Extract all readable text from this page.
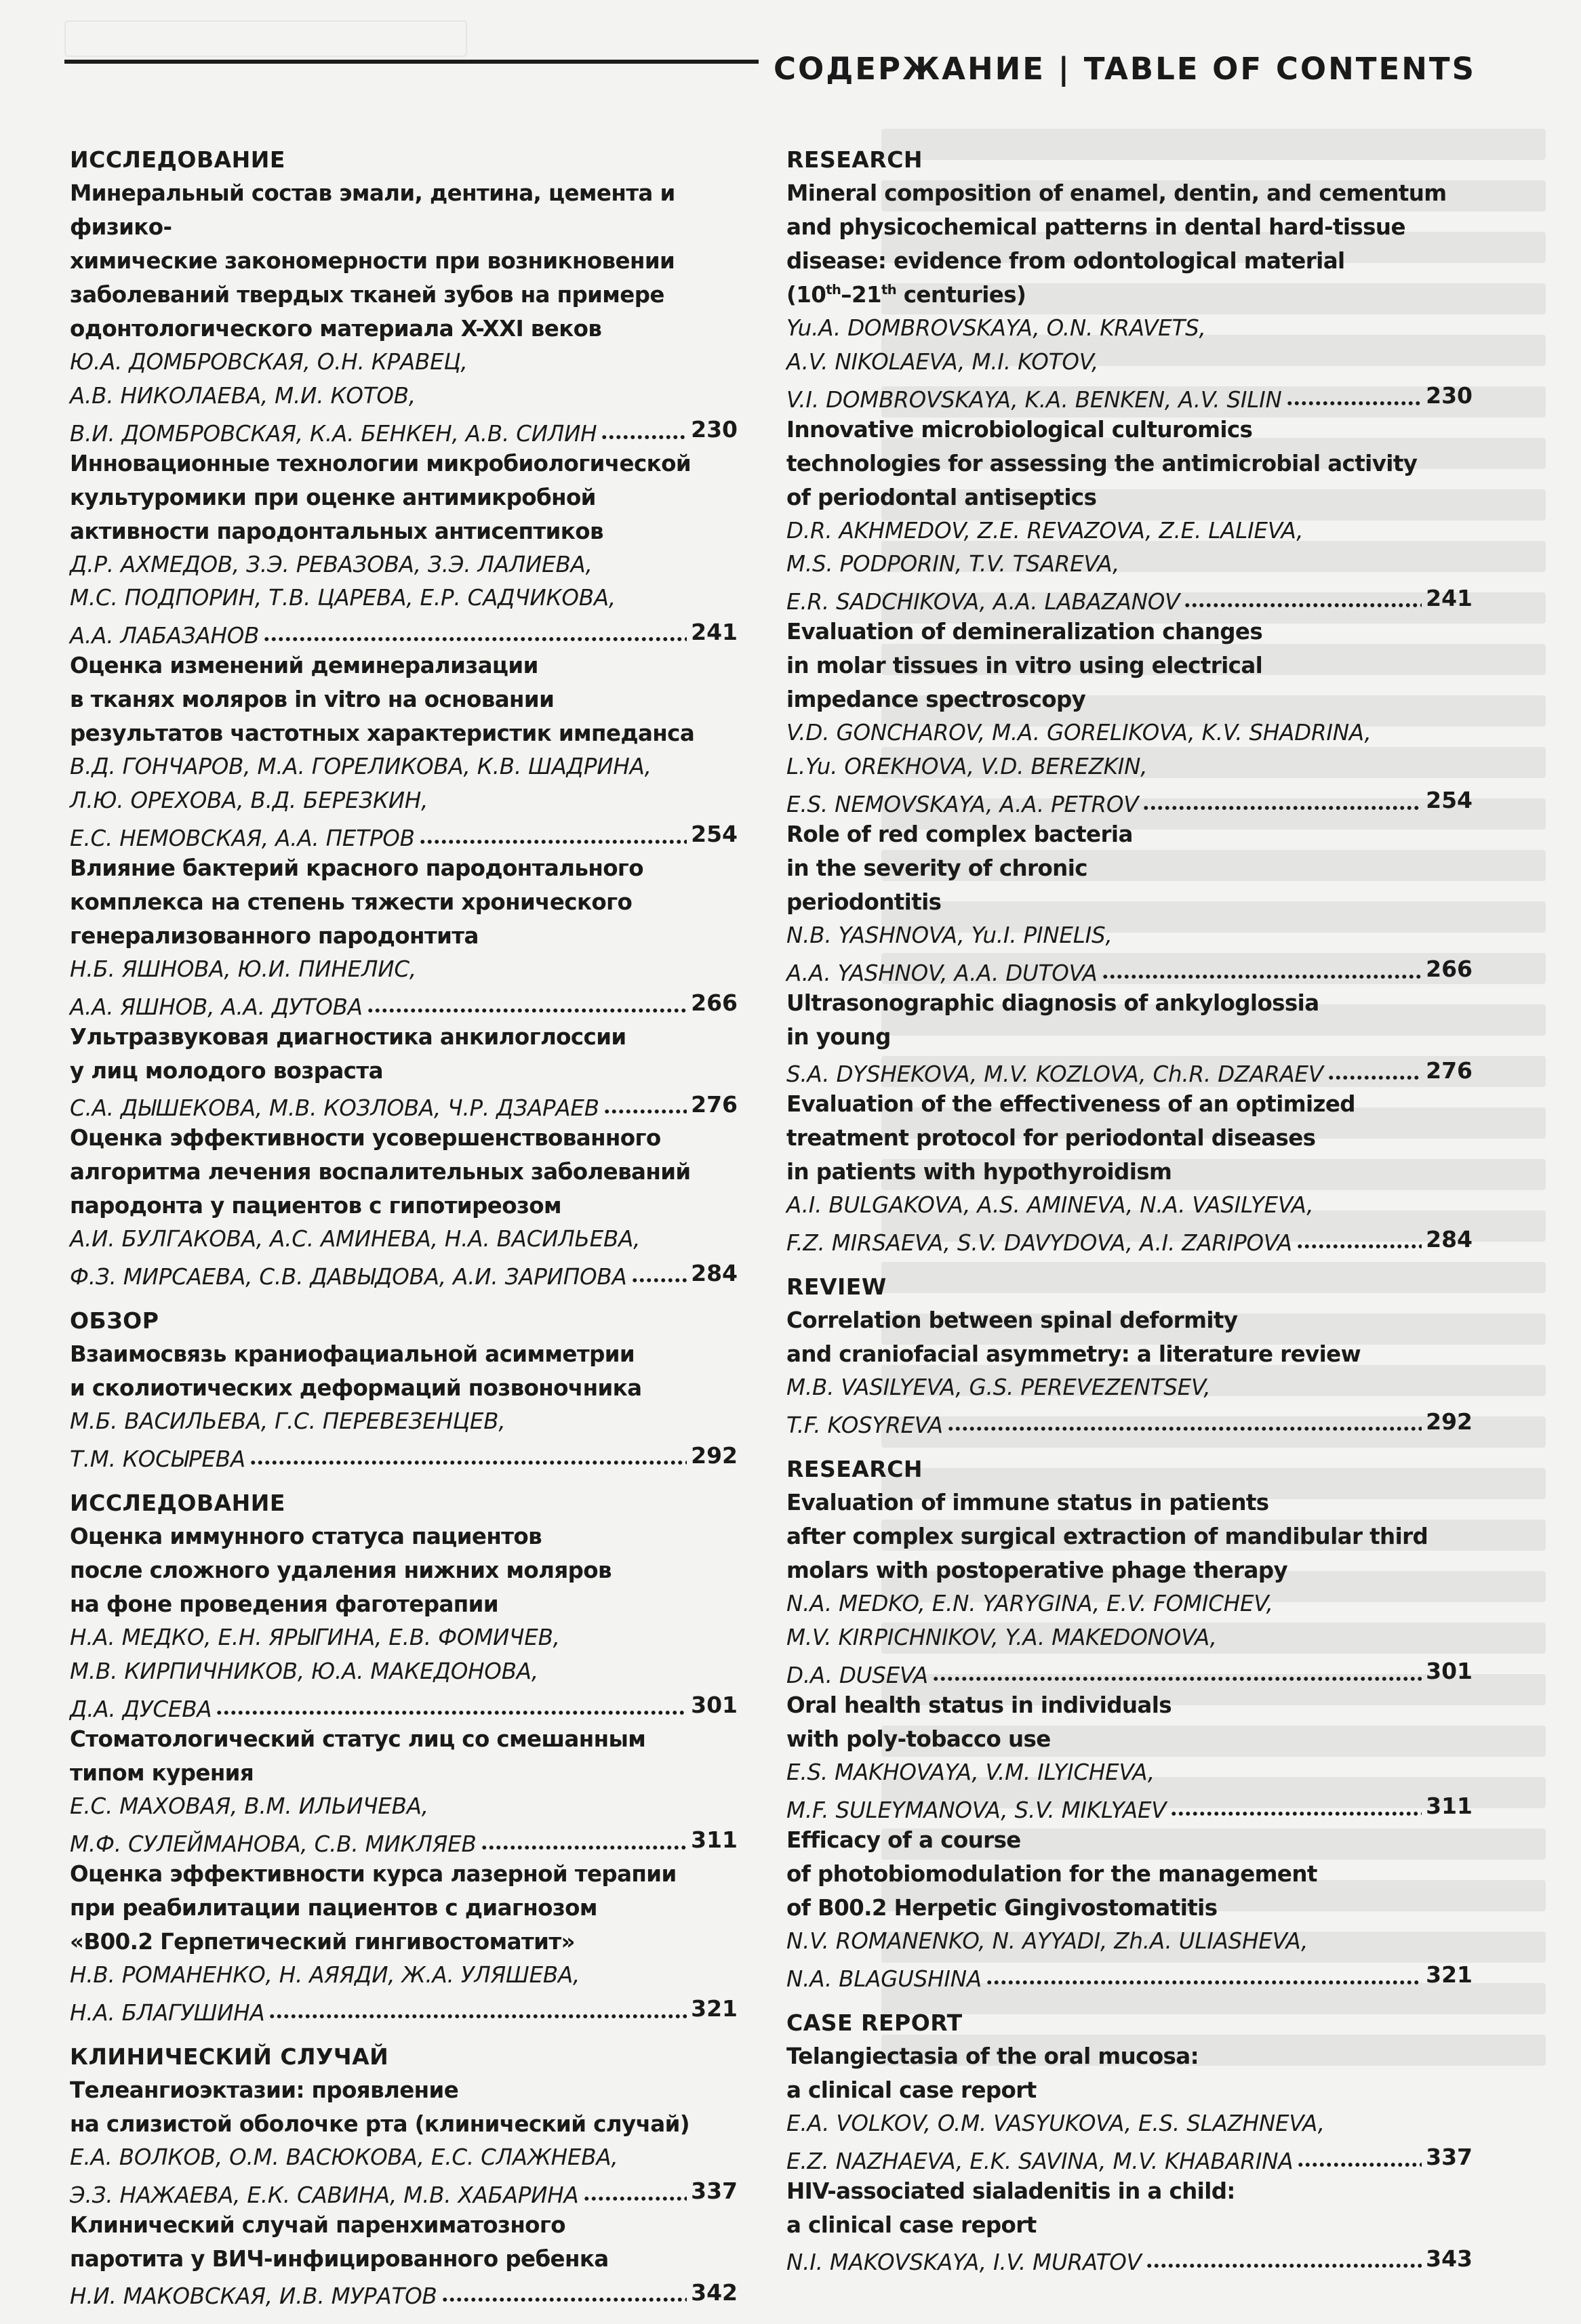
СОДЕРЖАНИЕ | TABLE OF CONTENTS
ИССЛЕДОВАНИЕ
Минеральный состав эмали, дентина, цемента и физико-
химические закономерности при возникновении
заболеваний твердых тканей зубов на примере
одонтологического материала X-XXI веков
Ю.А. ДОМБРОВСКАЯ, О.Н. КРАВЕЦ,
А.В. НИКОЛАЕВА, М.И. КОТОВ,
В.И. ДОМБРОВСКАЯ, К.А. БЕНКЕН, А.В. СИЛИН	230
Инновационные технологии микробиологической
культуромики при оценке антимикробной
активности пародонтальных антисептиков
Д.Р. АХМЕДОВ, З.Э. РЕВАЗОВА, З.Э. ЛАЛИЕВА,
М.С. ПОДПОРИН, Т.В. ЦАРЕВА, Е.Р. САДЧИКОВА,
А.А. ЛАБАЗАНОВ	241
Оценка изменений деминерализации
в тканях моляров in vitro на основании
результатов частотных характеристик импеданса
В.Д. ГОНЧАРОВ, М.А. ГОРЕЛИКОВА, К.В. ШАДРИНА,
Л.Ю. ОРЕХОВА, В.Д. БЕРЕЗКИН,
Е.С. НЕМОВСКАЯ, А.А. ПЕТРОВ	254
Влияние бактерий красного пародонтального
комплекса на степень тяжести хронического
генерализованного пародонтита
Н.Б. ЯШНОВА, Ю.И. ПИНЕЛИС,
А.А. ЯШНОВ, А.А. ДУТОВА	266
Ультразвуковая диагностика анкилоглоссии
у лиц молодого возраста
С.А. ДЫШЕКОВА, М.В. КОЗЛОВА, Ч.Р. ДЗАРАЕВ	276
Оценка эффективности усовершенствованного
алгоритма лечения воспалительных заболеваний
пародонта у пациентов с гипотиреозом
А.И. БУЛГАКОВА, А.С. АМИНЕВА, Н.А. ВАСИЛЬЕВА,
Ф.З. МИРСАЕВА, С.В. ДАВЫДОВА, А.И. ЗАРИПОВА	284
ОБЗОР
Взаимосвязь краниофациальной асимметрии
и сколиотических деформаций позвоночника
М.Б. ВАСИЛЬЕВА, Г.С. ПЕРЕВЕЗЕНЦЕВ,
Т.М. КОСЫРЕВА	292
ИССЛЕДОВАНИЕ
Оценка иммунного статуса пациентов
после сложного удаления нижних моляров
на фоне проведения фаготерапии
Н.А. МЕДКО, Е.Н. ЯРЫГИНА, Е.В. ФОМИЧЕВ,
М.В. КИРПИЧНИКОВ, Ю.А. МАКЕДОНОВА,
Д.А. ДУСЕВА	301
Стоматологический статус лиц со смешанным
типом курения
Е.С. МАХОВАЯ, В.М. ИЛЬИЧЕВА,
М.Ф. СУЛЕЙМАНОВА, С.В. МИКЛЯЕВ	311
Оценка эффективности курса лазерной терапии
при реабилитации пациентов с диагнозом
«B00.2 Герпетический гингивостоматит»
Н.В. РОМАНЕНКО, Н. АЯЯДИ, Ж.А. УЛЯШЕВА,
Н.А. БЛАГУШИНА	321
КЛИНИЧЕСКИЙ СЛУЧАЙ
Телеангиоэктазии: проявление
на слизистой оболочке рта (клинический случай)
Е.А. ВОЛКОВ, О.М. ВАСЮКОВА, Е.С. СЛАЖНЕВА,
Э.З. НАЖАЕВА, Е.К. САВИНА, М.В. ХАБАРИНА	337
Клинический случай паренхиматозного
паротита у ВИЧ-инфицированного ребенка
Н.И. МАКОВСКАЯ, И.В. МУРАТОВ	342
RESEARCH
Mineral composition of enamel, dentin, and cementum
and physicochemical patterns in dental hard-tissue
disease: evidence from odontological material
(10th–21th centuries)
Yu.A. DOMBROVSKAYA, O.N. KRAVETS,
A.V. NIKOLAEVA, M.I. KOTOV,
V.I. DOMBROVSKAYA, K.A. BENKEN, A.V. SILIN	230
Innovative microbiological culturomics
technologies for assessing the antimicrobial activity
of periodontal antiseptics
D.R. AKHMEDOV, Z.E. REVAZOVA, Z.E. LALIEVA,
M.S. PODPORIN, T.V. TSAREVA,
E.R. SADCHIKOVA, A.A. LABAZANOV	241
Evaluation of demineralization changes
in molar tissues in vitro using electrical
impedance spectroscopy
V.D. GONCHAROV, M.A. GORELIKOVA, K.V. SHADRINA,
L.Yu. OREKHOVA, V.D. BEREZKIN,
E.S. NEMOVSKAYA, A.A. PETROV	254
Role of red complex bacteria
in the severity of chronic
periodontitis
N.B. YASHNOVA, Yu.I. PINELIS,
A.A. YASHNOV, A.A. DUTOVA	266
Ultrasonographic diagnosis of ankyloglossia
in young
S.A. DYSHEKOVA, M.V. KOZLOVA, Ch.R. DZARAEV	276
Evaluation of the effectiveness of an optimized
treatment protocol for periodontal diseases
in patients with hypothyroidism
A.I. BULGAKOVA, A.S. AMINEVA, N.A. VASILYEVA,
F.Z. MIRSAEVA, S.V. DAVYDOVA, A.I. ZARIPOVA	284
REVIEW
Correlation between spinal deformity
and craniofacial asymmetry: a literature review
M.B. VASILYEVA, G.S. PEREVEZENTSEV,
T.F. KOSYREVA	292
RESEARCH
Evaluation of immune status in patients
after complex surgical extraction of mandibular third
molars with postoperative phage therapy
N.A. MEDKO, E.N. YARYGINA, E.V. FOMICHEV,
M.V. KIRPICHNIKOV, Y.A. MAKEDONOVA,
D.A. DUSEVA	301
Oral health status in individuals
with poly-tobacco use
E.S. MAKHOVAYA, V.M. ILYICHEVA,
M.F. SULEYMANOVA, S.V. MIKLYAEV	311
Efficacy of a course
of photobiomodulation for the management
of B00.2 Herpetic Gingivostomatitis
N.V. ROMANENKO, N. AYYADI, Zh.A. ULIASHEVA,
N.A. BLAGUSHINA	321
CASE REPORT
Telangiectasia of the oral mucosa:
a clinical case report
E.A. VOLKOV, O.M. VASYUKOVA, E.S. SLAZHNEVA,
E.Z. NAZHAEVA, E.K. SAVINA, M.V. KHABARINA	337
HIV-associated sialadenitis in a child:
a clinical case report
N.I. MAKOVSKAYA, I.V. MURATOV	343
